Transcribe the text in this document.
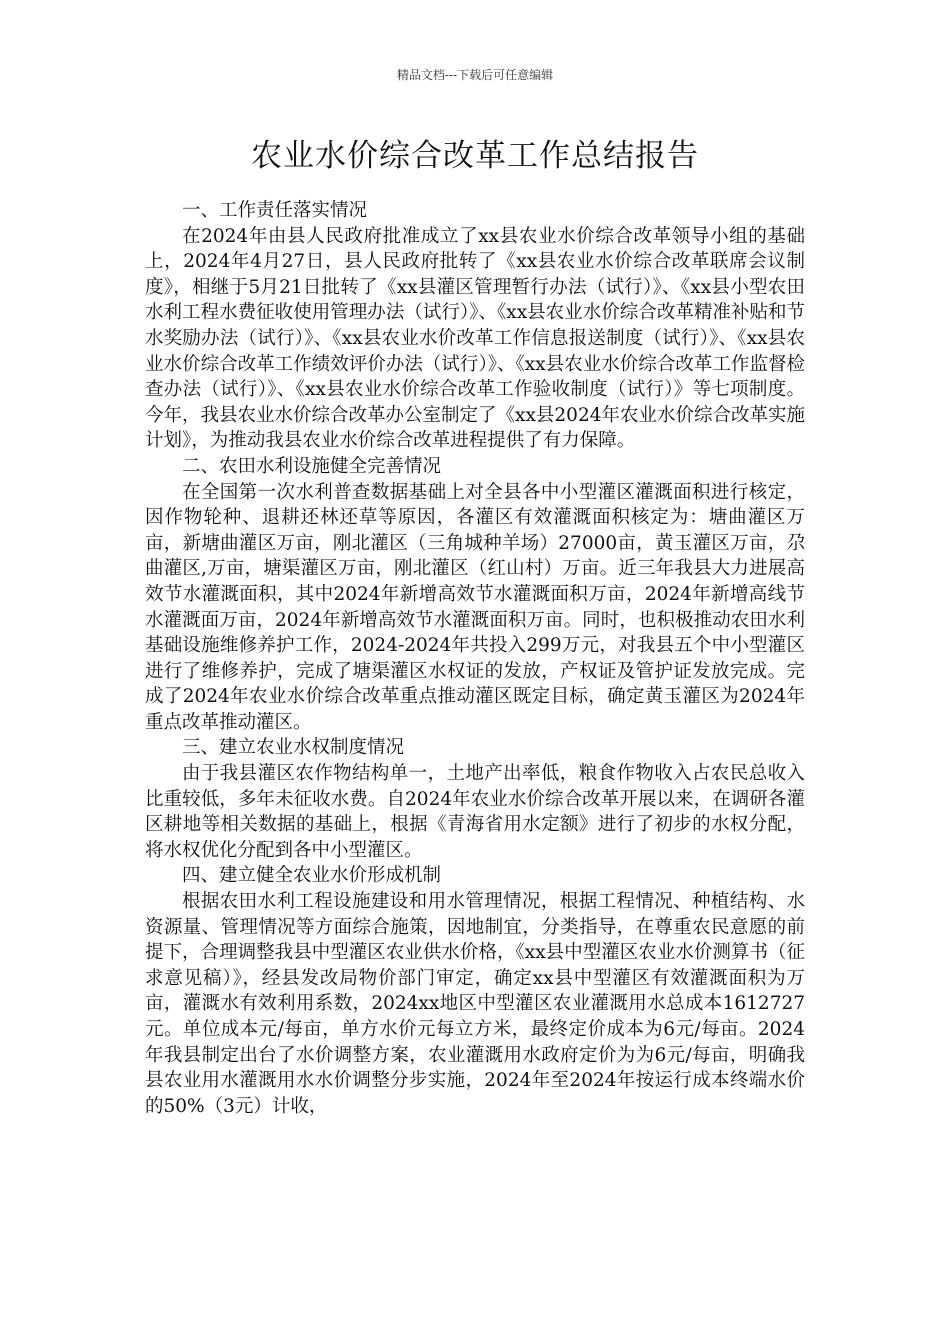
精品文档---下载后可任意编辑
农业水价综合改革工作总结报告

一、工作责任落实情况

在2024年由县人民政府批准成立了xx县农业水价综合改革领导小组的基础上，2024年4月27日，县人民政府批转了《xx县农业水价综合改革联席会议制度》，相继于5月21日批转了《xx县灌区管理暂行办法（试行）》、《xx县小型农田水利工程水费征收使用管理办法（试行）》、《xx县农业水价综合改革精准补贴和节水奖励办法（试行）》、《xx县农业水价改革工作信息报送制度（试行）》、《xx县农业水价综合改革工作绩效评价办法（试行）》、《xx县农业水价综合改革工作监督检查办法（试行）》、《xx县农业水价综合改革工作验收制度（试行）》等七项制度。今年，我县农业水价综合改革办公室制定了《xx县2024年农业水价综合改革实施计划》，为推动我县农业水价综合改革进程提供了有力保障。

二、农田水利设施健全完善情况

在全国第一次水利普查数据基础上对全县各中小型灌区灌溉面积进行核定，因作物轮种、退耕还林还草等原因，各灌区有效灌溉面积核定为：塘曲灌区万亩，新塘曲灌区万亩，刚北灌区（三角城种羊场）27000亩，黄玉灌区万亩，尕曲灌区,万亩，塘渠灌区万亩，刚北灌区（红山村）万亩。近三年我县大力进展高效节水灌溉面积，其中2024年新增高效节水灌溉面积万亩，2024年新增高线节水灌溉面万亩，2024年新增高效节水灌溉面积万亩。同时，也积极推动农田水利基础设施维修养护工作，2024-2024年共投入299万元，对我县五个中小型灌区进行了维修养护，完成了塘渠灌区水权证的发放，产权证及管护证发放完成。完成了2024年农业水价综合改革重点推动灌区既定目标，确定黄玉灌区为2024年重点改革推动灌区。

三、建立农业水权制度情况

由于我县灌区农作物结构单一，土地产出率低，粮食作物收入占农民总收入比重较低，多年未征收水费。自2024年农业水价综合改革开展以来，在调研各灌区耕地等相关数据的基础上，根据《青海省用水定额》进行了初步的水权分配，将水权优化分配到各中小型灌区。

四、建立健全农业水价形成机制

根据农田水利工程设施建设和用水管理情况，根据工程情况、种植结构、水资源量、管理情况等方面综合施策，因地制宜，分类指导，在尊重农民意愿的前提下，合理调整我县中型灌区农业供水价格，《xx县中型灌区农业水价测算书（征求意见稿）》，经县发改局物价部门审定，确定xx县中型灌区有效灌溉面积为万亩，灌溉水有效利用系数，2024xx地区中型灌区农业灌溉用水总成本1612727元。单位成本元/每亩，单方水价元每立方米，最终定价成本为6元/每亩。2024年我县制定出台了水价调整方案，农业灌溉用水政府定价为为6元/每亩，明确我县农业用水灌溉用水水价调整分步实施，2024年至2024年按运行成本终端水价的50%（3元）计收，
